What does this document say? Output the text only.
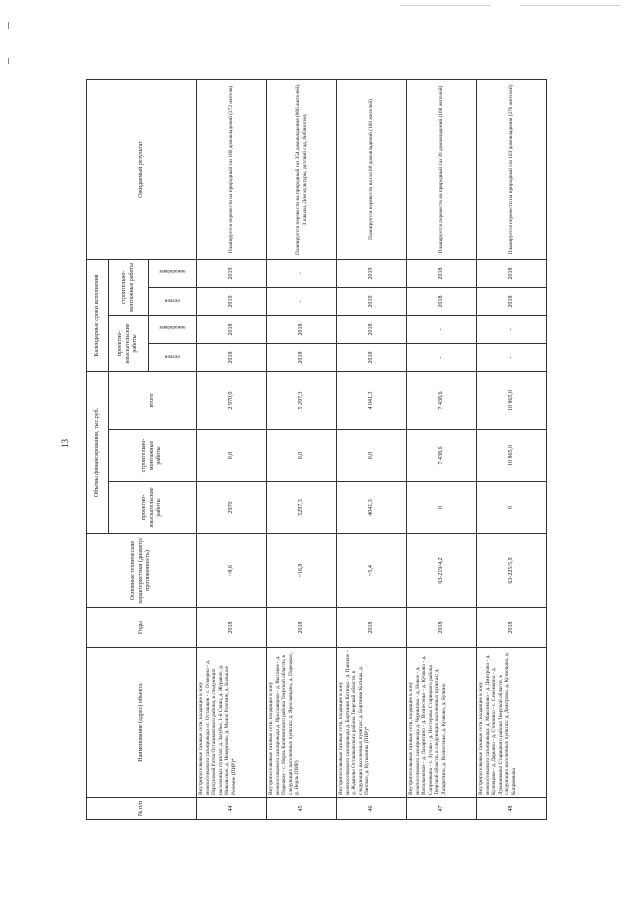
13
№ п/п	Наименование (адрес) объекта	Годы	Основные технические характеристики (диаметр/протяженность)	Объемы финансирования, тыс.руб.			Календарные сроки исполнения				Ожидаемый результат
				проектно-изыскательские работы	строительно-монтажные работы	итого	проектно-изыскательские работы		строительно-монтажные работы		
							начало	завершение	начало	завершение	
44	Внутрипоселковые газовые сети, входящие в зону межпоселкового газопровода «с. Осташков - с. Осмерно - д. Перхуновой Ратча Осташковского района, в следующих населенных пунктах: д. Загубье, 1-й Свищ, д. Журавле, д. Никольское, д. Неверново, д. Малое Роземне, д. Большое Роземне (ПИР)*	2018	~8,6	2970	0,0	2 970,0	2018	2018	2019	2019	Планируется перевести на природный газ 109 домовладений (272 жителя)
45	Внутрипоселковые газовые сети, входящие в зону межпоселкового газопровода д. Ярославцево - д. Высокое - д. Порецкое - с. Нерль Калязинского района Тверской области, в следующих населенных пунктах: д. Ярославцево, д. Порецкое, д. Нерль (ПИР)	2018	~16,9	5297,3	0,0	5 297,3	2018	2018	-	-	Планируется перевести на природный газ 354 домовладения (866 жителей), 3 школы, Дом культуры, детский сад, библиотеку
46	Внутрипоселковые газовые сети, входящие в зону межпоселкового газопровода д. Бортники Котицы - д. Панское - д. Жданово Осташковского района Тверской области, в следующих населенных пунктах: д. Бортники Котицы, д. Панское, д. Кутынины (ПИР)*	2018	~5,4	4041,3	0,0	4 041,3	2018	2018	2019	2019	Планируется перевести на газ 68 домовладений (168 жителей)
47	Внутрипоселковые газовые сети, входящие в зону межпоселкового газопровода д. Чернигово - д. Новое - д. Васильевское - д. Лазаритино - д. Вознесенье - д. Кучково - д. Сопронково - с. Зутово - д. Нестерово Старицкого района Тверской области, в следующих населенных пунктах: д. Лазаритино, д. Вознесенье, д. Кучково, д. Бучино	2018	63-219/4,2	0	7 438,6	7 438,6	-	-	2018	2018	Планируется перевести на природный газ 39 домовладений (168 жителей)
48	Внутрипоселковые газовые сети, входящие в зону межпоселкового газопровода: д. Максимово - д. Дмитрово - д. Кузнецово - д. Дарьино - д. Степнино - с. Семенкино - д. Луковниково Старицкого района Тверской области, в следующих населенных пунктах: д. Дмитрово, д. Кузнецово, д. Коприяново	2018	63-225/5,9	0	10 865,0	10 865,0	-	-	2018	2018	Планируется перевести на природный газ 103 домовладения (276 жителей)
